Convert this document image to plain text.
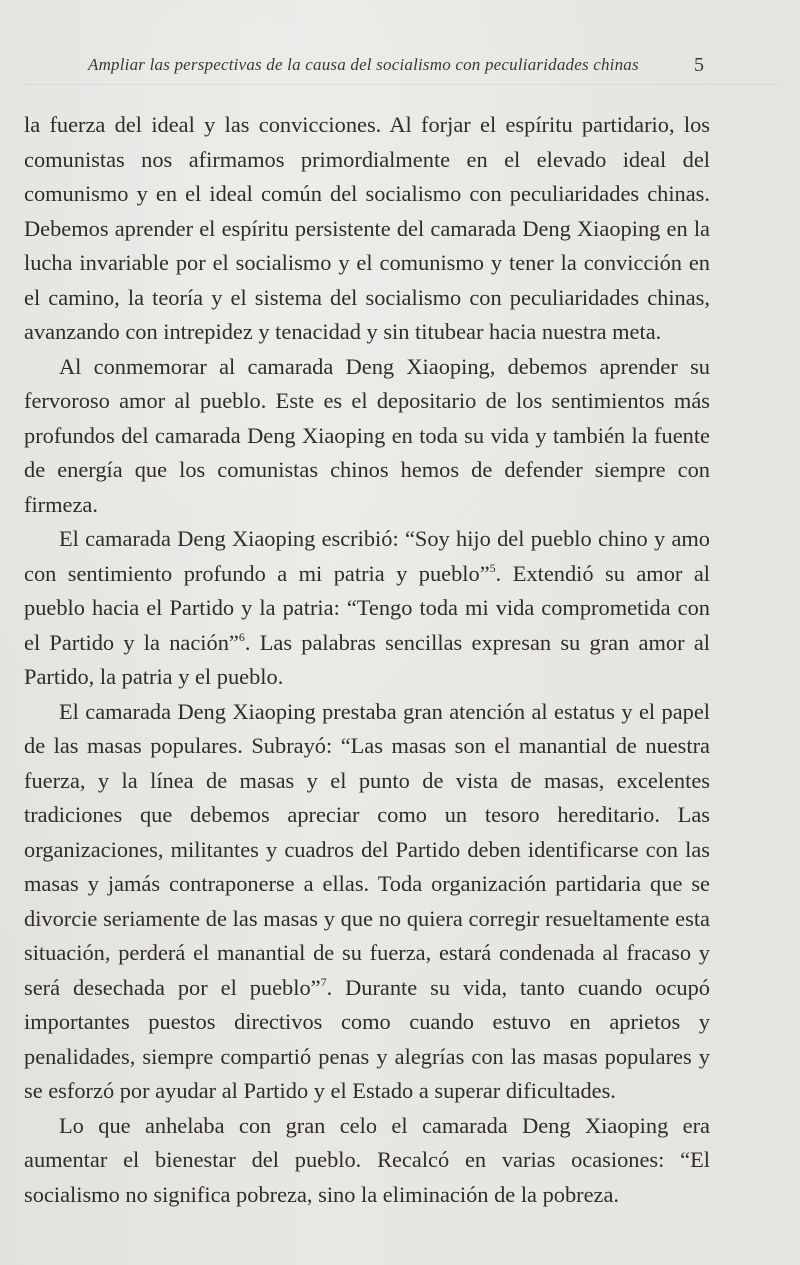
Ampliar las perspectivas de la causa del socialismo con peculiaridades chinas	5
· · · · · · · ·

la fuerza del ideal y las convicciones. Al forjar el espíritu partidario, los comunistas nos afirmamos primordialmente en el elevado ideal del comunismo y en el ideal común del socialismo con peculiaridades chinas. Debemos aprender el espíritu persistente del camarada Deng Xiaoping en la lucha invariable por el socialismo y el comunismo y tener la convicción en el camino, la teoría y el sistema del socialismo con peculiaridades chinas, avanzando con intrepidez y tenacidad y sin titubear hacia nuestra meta.

Al conmemorar al camarada Deng Xiaoping, debemos aprender su fervoroso amor al pueblo. Este es el depositario de los sentimientos más profundos del camarada Deng Xiaoping en toda su vida y también la fuente de energía que los comunistas chinos hemos de defender siempre con firmeza.

El camarada Deng Xiaoping escribió: “Soy hijo del pueblo chino y amo con sentimiento profundo a mi patria y pueblo”$^5$. Extendió su amor al pueblo hacia el Partido y la patria: “Tengo toda mi vida comprometida con el Partido y la nación”$^6$. Las palabras sencillas expresan su gran amor al Partido, la patria y el pueblo.

El camarada Deng Xiaoping prestaba gran atención al estatus y el papel de las masas populares. Subrayó: “Las masas son el manantial de nuestra fuerza, y la línea de masas y el punto de vista de masas, excelentes tradiciones que debemos apreciar como un tesoro hereditario. Las organizaciones, militantes y cuadros del Partido deben identificarse con las masas y jamás contraponerse a ellas. Toda organización partidaria que se divorcie seriamente de las masas y que no quiera corregir resueltamente esta situación, perderá el manantial de su fuerza, estará condenada al fracaso y será desechada por el pueblo”$^7$. Durante su vida, tanto cuando ocupó importantes puestos directivos como cuando estuvo en aprietos y penalidades, siempre compartió penas y alegrías con las masas populares y se esforzó por ayudar al Partido y el Estado a superar dificultades.

Lo que anhelaba con gran celo el camarada Deng Xiaoping era aumentar el bienestar del pueblo. Recalcó en varias ocasiones: “El socialismo no significa pobreza, sino la eliminación de la pobreza.
